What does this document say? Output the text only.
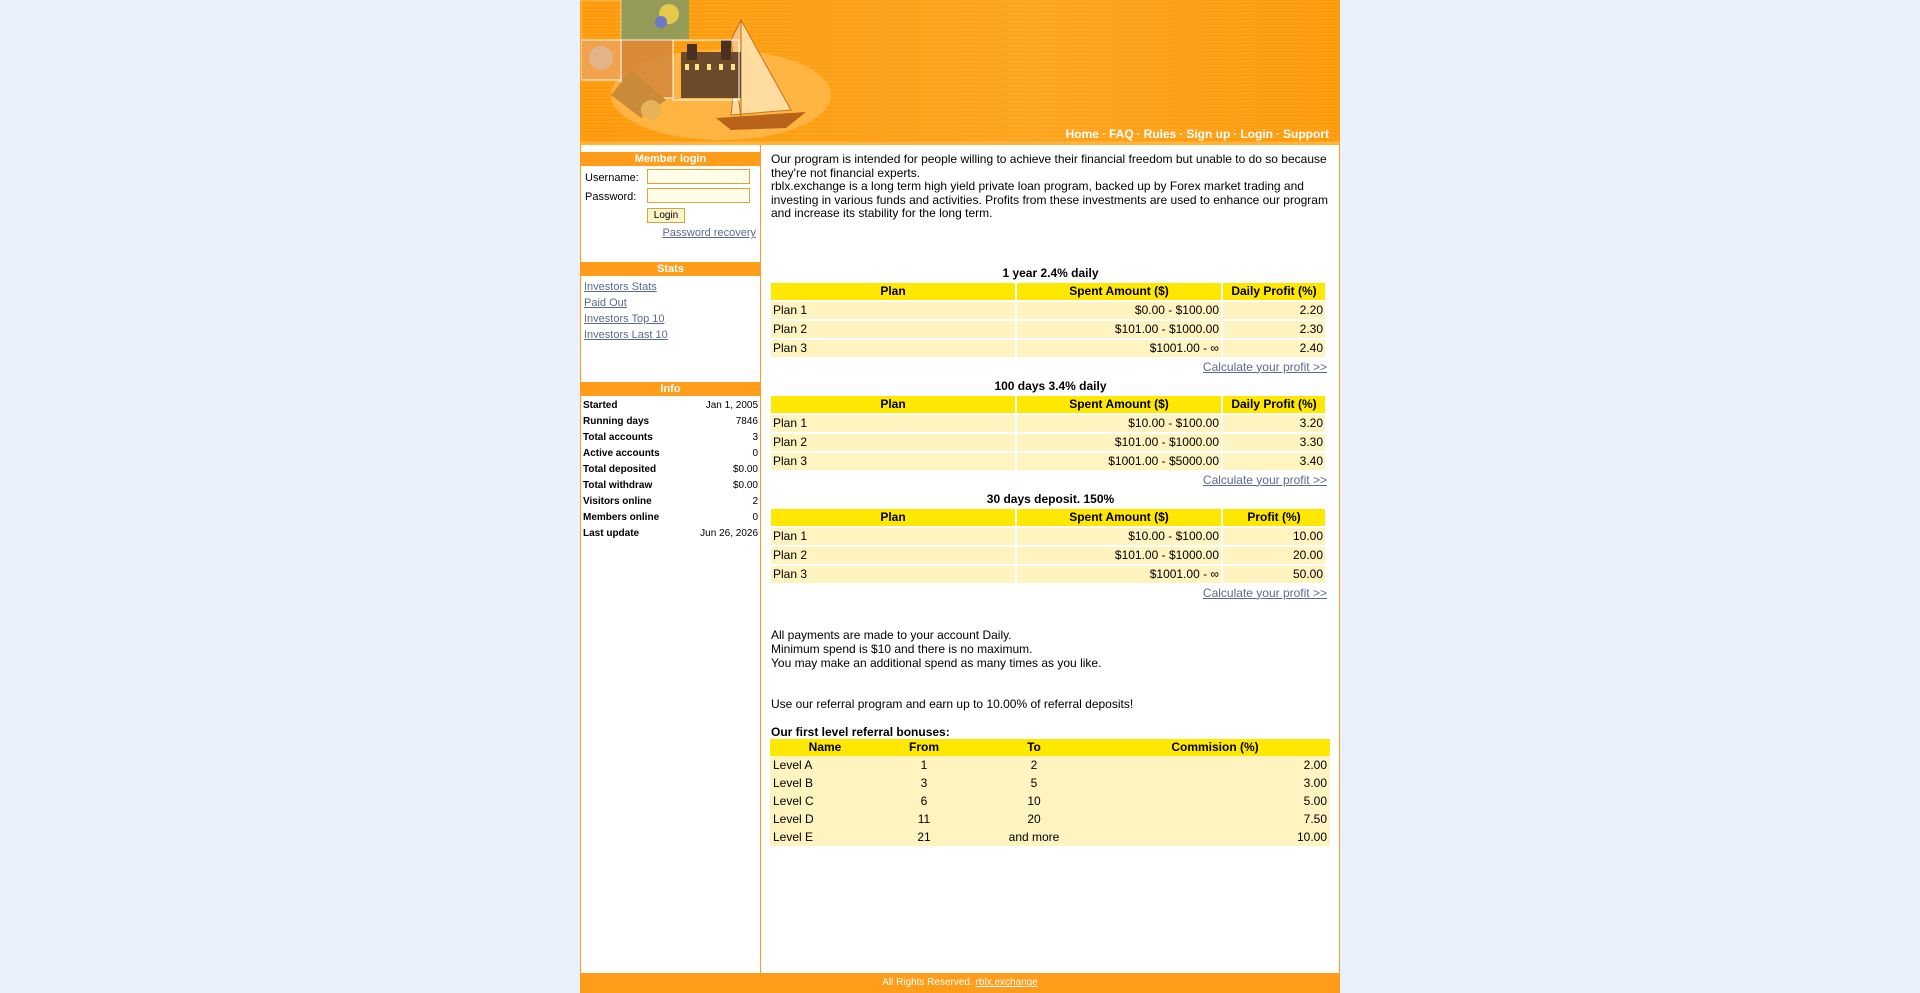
Home · FAQ · Rules · Sign up · Login · Support
Member login
Username:
Password:
Login
Password recovery
Stats
Investors Stats
Paid Out
Investors Top 10
Investors Last 10
Info
Started	Jan 1, 2005
Running days	7846
Total accounts	3
Active accounts	0
Total deposited	$0.00
Total withdraw	$0.00
Visitors online	2
Members online	0
Last update	Jun 26, 2026

Our program is intended for people willing to achieve their financial freedom but unable to do so because they're not financial experts.

rblx.exchange is a long term high yield private loan program, backed up by Forex market trading and investing in various funds and activities. Profits from these investments are used to enhance our program and increase its stability for the long term.

1 year 2.4% daily
Plan	Spent Amount ($)	Daily Profit (%)
Plan 1	$0.00 - $100.00	2.20
Plan 2	$101.00 - $1000.00	2.30
Plan 3	$1001.00 - ∞	2.40
Calculate your profit >>
100 days 3.4% daily
Plan	Spent Amount ($)	Daily Profit (%)
Plan 1	$10.00 - $100.00	3.20
Plan 2	$101.00 - $1000.00	3.30
Plan 3	$1001.00 - $5000.00	3.40
Calculate your profit >>
30 days deposit. 150%
Plan	Spent Amount ($)	Profit (%)
Plan 1	$10.00 - $100.00	10.00
Plan 2	$101.00 - $1000.00	20.00
Plan 3	$1001.00 - ∞	50.00
Calculate your profit >>

All payments are made to your account Daily.

Minimum spend is $10 and there is no maximum.

You may make an additional spend as many times as you like.

Use our referral program and earn up to 10.00% of referral deposits!

Our first level referral bonuses:

Name	From	To	Commision (%)
Level A	1	2	2.00
Level B	3	5	3.00
Level C	6	10	5.00
Level D	11	20	7.50
Level E	21	and more	10.00
All Rights Reserved. rblx.exchange
